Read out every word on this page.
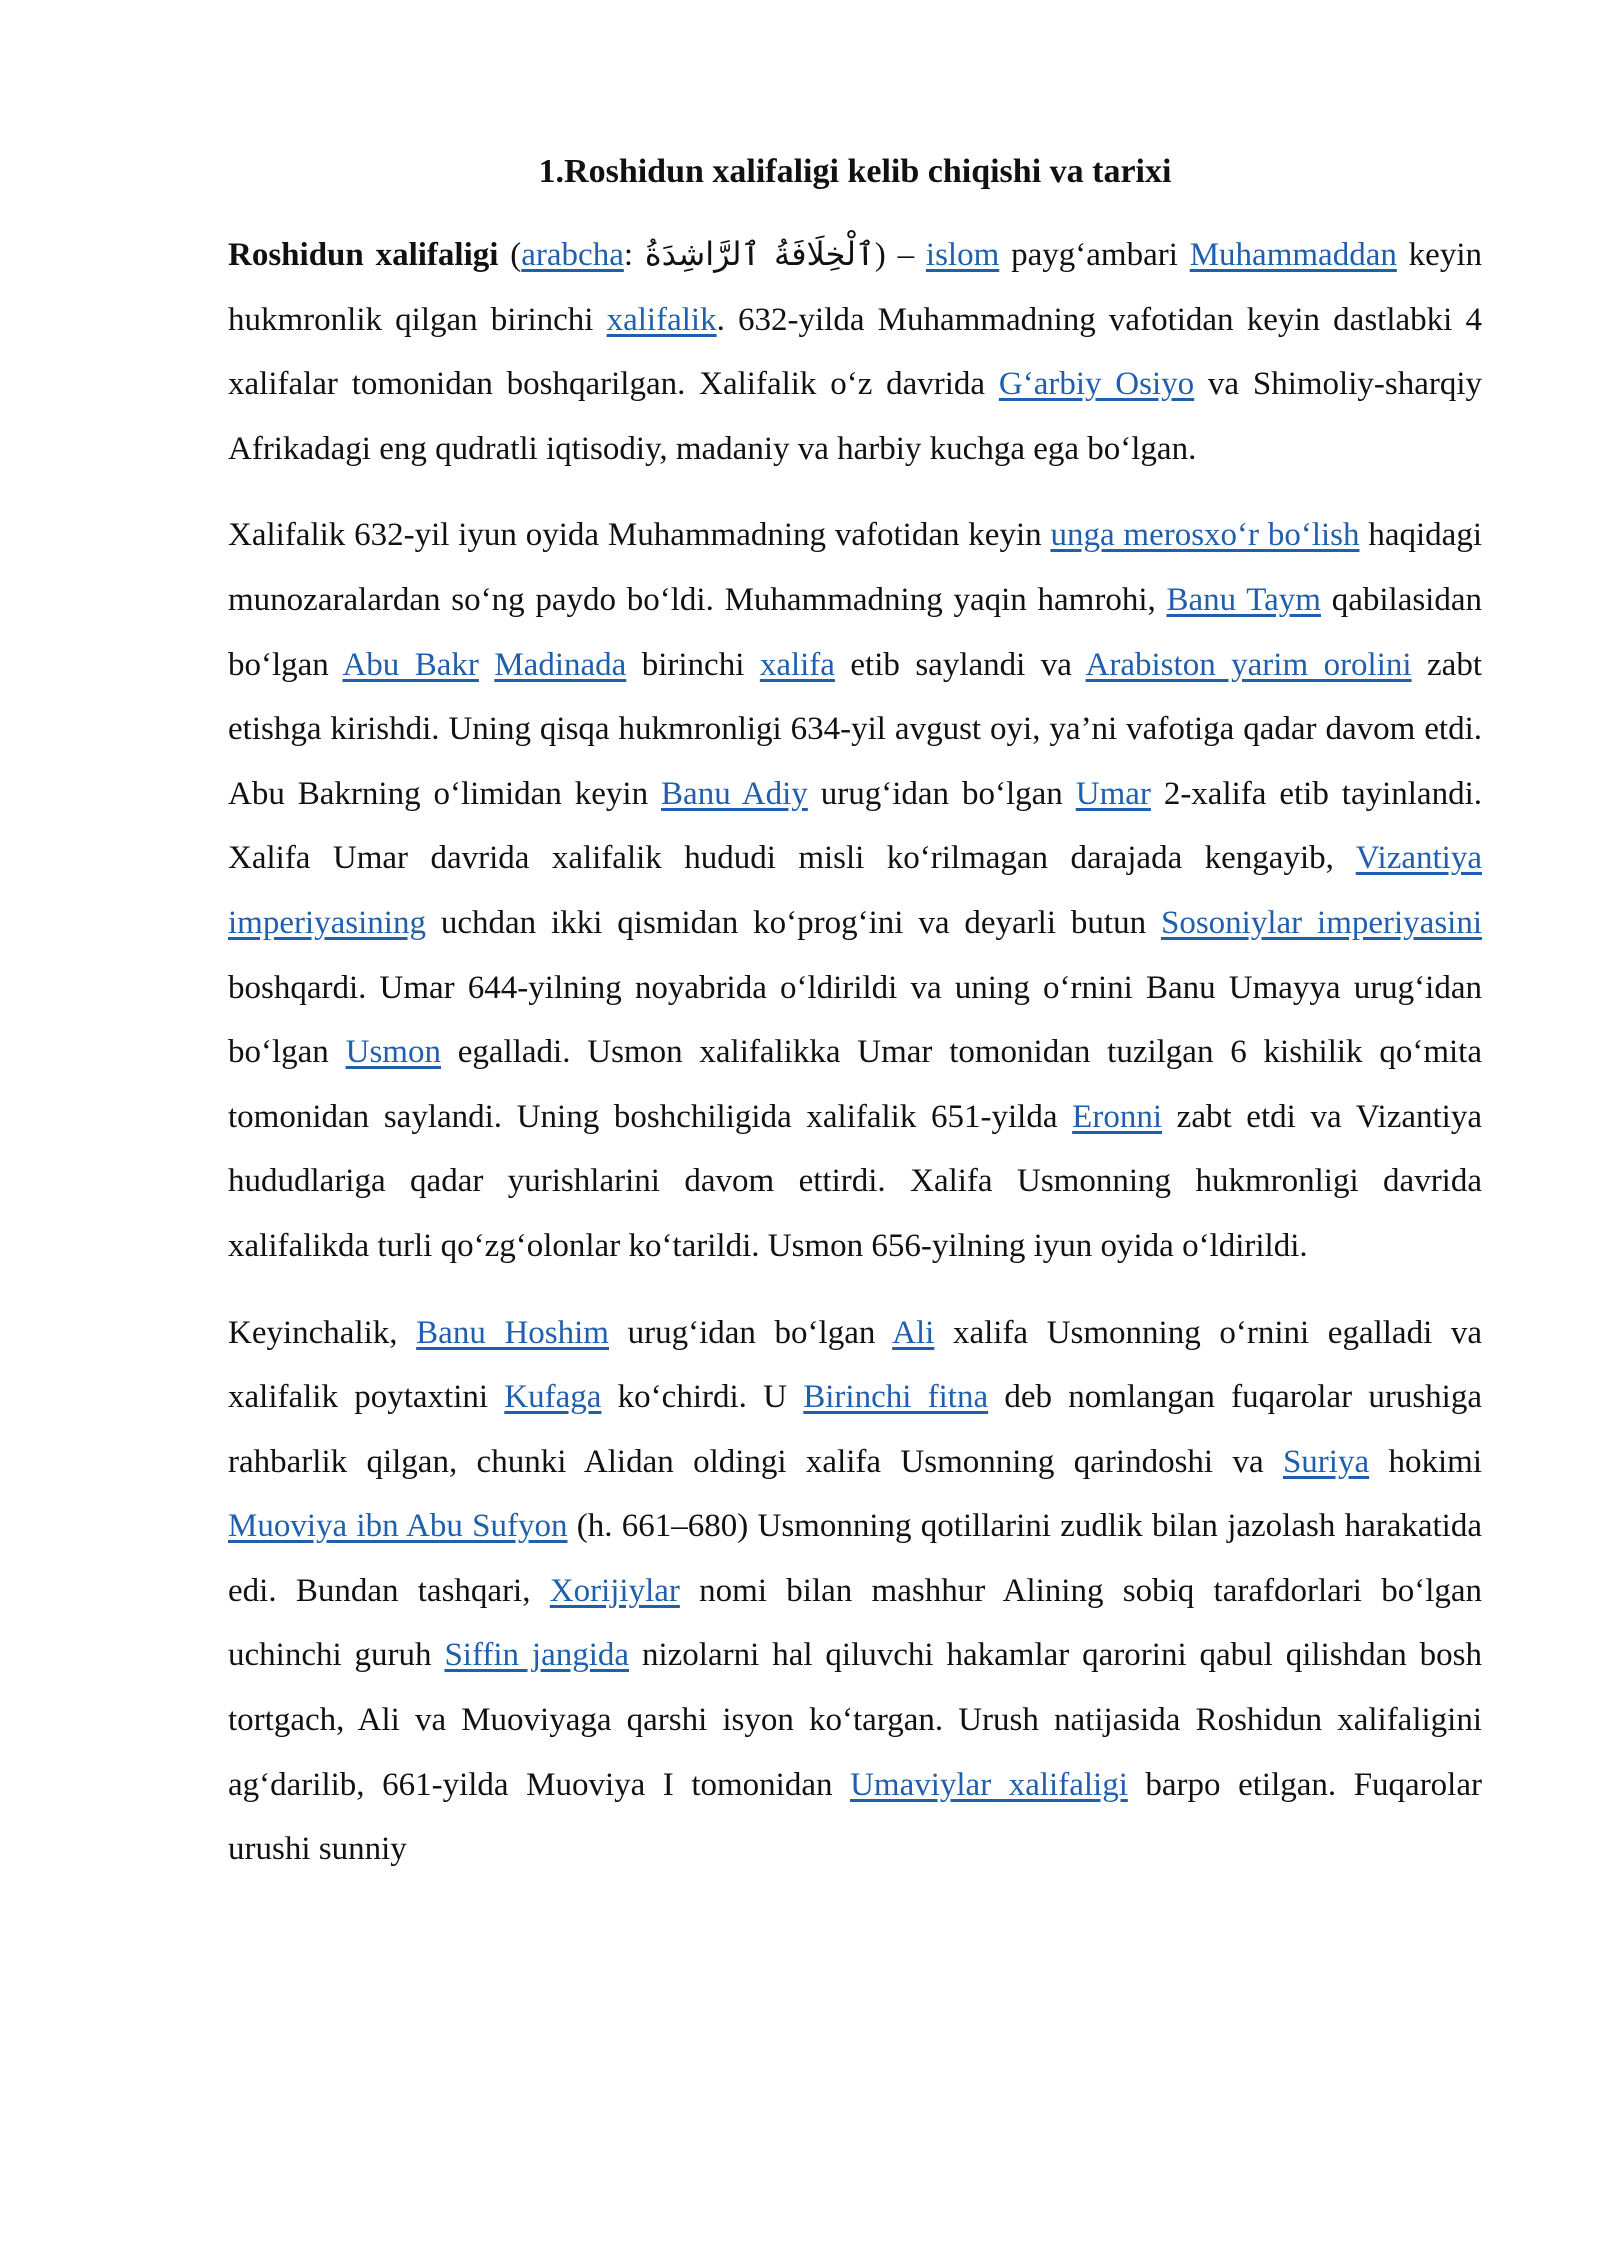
1.Roshidun xalifaligi kelib chiqishi va tarixi

Roshidun xalifaligi (arabcha: ٱلْخِلَافَةُ ٱلرَّاشِدَةُ) – islom payg‘ambari Muhammaddan keyin hukmronlik qilgan birinchi xalifalik. 632-yilda Muhammadning vafotidan keyin dastlabki 4 xalifalar tomonidan boshqarilgan. Xalifalik o‘z davrida G‘arbiy Osiyo va Shimoliy-sharqiy Afrikadagi eng qudratli iqtisodiy, madaniy va harbiy kuchga ega bo‘lgan.

Xalifalik 632-yil iyun oyida Muhammadning vafotidan keyin unga merosxo‘r bo‘lish haqidagi munozaralardan so‘ng paydo bo‘ldi. Muhammadning yaqin hamrohi, Banu Taym qabilasidan bo‘lgan Abu Bakr Madinada birinchi xalifa etib saylandi va Arabiston yarim orolini zabt etishga kirishdi. Uning qisqa hukmronligi 634-yil avgust oyi, ya’ni vafotiga qadar davom etdi. Abu Bakrning o‘limidan keyin Banu Adiy urug‘idan bo‘lgan Umar 2-xalifa etib tayinlandi. Xalifa Umar davrida xalifalik hududi misli ko‘rilmagan darajada kengayib, Vizantiya imperiyasining uchdan ikki qismidan ko‘prog‘ini va deyarli butun Sosoniylar imperiyasini boshqardi. Umar 644-yilning noyabrida o‘ldirildi va uning o‘rnini Banu Umayya urug‘idan bo‘lgan Usmon egalladi. Usmon xalifalikka Umar tomonidan tuzilgan 6 kishilik qo‘mita tomonidan saylandi. Uning boshchiligida xalifalik 651-yilda Eronni zabt etdi va Vizantiya hududlariga qadar yurishlarini davom ettirdi. Xalifa Usmonning hukmronligi davrida xalifalikda turli qo‘zg‘olonlar ko‘tarildi. Usmon 656-yilning iyun oyida o‘ldirildi.

Keyinchalik, Banu Hoshim urug‘idan bo‘lgan Ali xalifa Usmonning o‘rnini egalladi va xalifalik poytaxtini Kufaga ko‘chirdi. U Birinchi fitna deb nomlangan fuqarolar urushiga rahbarlik qilgan, chunki Alidan oldingi xalifa Usmonning qarindoshi va Suriya hokimi Muoviya ibn Abu Sufyon (h. 661–680) Usmonning qotillarini zudlik bilan jazolash harakatida edi. Bundan tashqari, Xorijiylar nomi bilan mashhur Alining sobiq tarafdorlari bo‘lgan uchinchi guruh Siffin jangida nizolarni hal qiluvchi hakamlar qarorini qabul qilishdan bosh tortgach, Ali va Muoviyaga qarshi isyon ko‘targan. Urush natijasida Roshidun xalifaligini ag‘darilib, 661-yilda Muoviya I tomonidan Umaviylar xalifaligi barpo etilgan. Fuqarolar urushi sunniy
